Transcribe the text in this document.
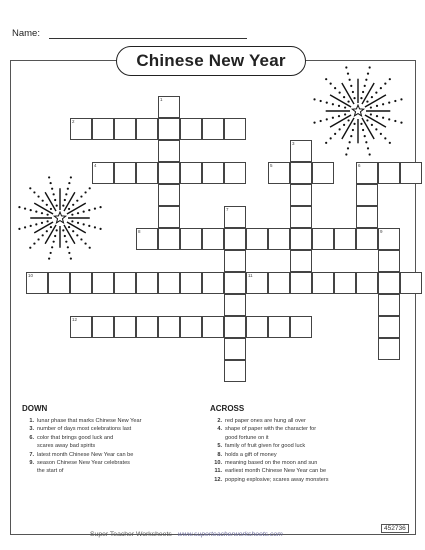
Name:
Chinese New Year
1
2
3
4	5	6
7
8	9
10	11
12
DOWN
1. lunar phase that marks Chinese New Year
3. number of days most celebrations last
6. color that brings good luck and
scares away bad spirits
7. latest month Chinese New Year can be
9. season Chinese New Year celebrates
the start of
ACROSS
2. red paper ones are hung all over
4. shape of paper with the character for
good fortune on it
5. family of fruit given for good luck
8. holds a gift of money
10. meaning based on the moon and sun
11. earliest month Chinese New Year can be
12. popping explosive; scares away monsters
Super Teacher Worksheets - www.superteacherworksheets.com
452736
